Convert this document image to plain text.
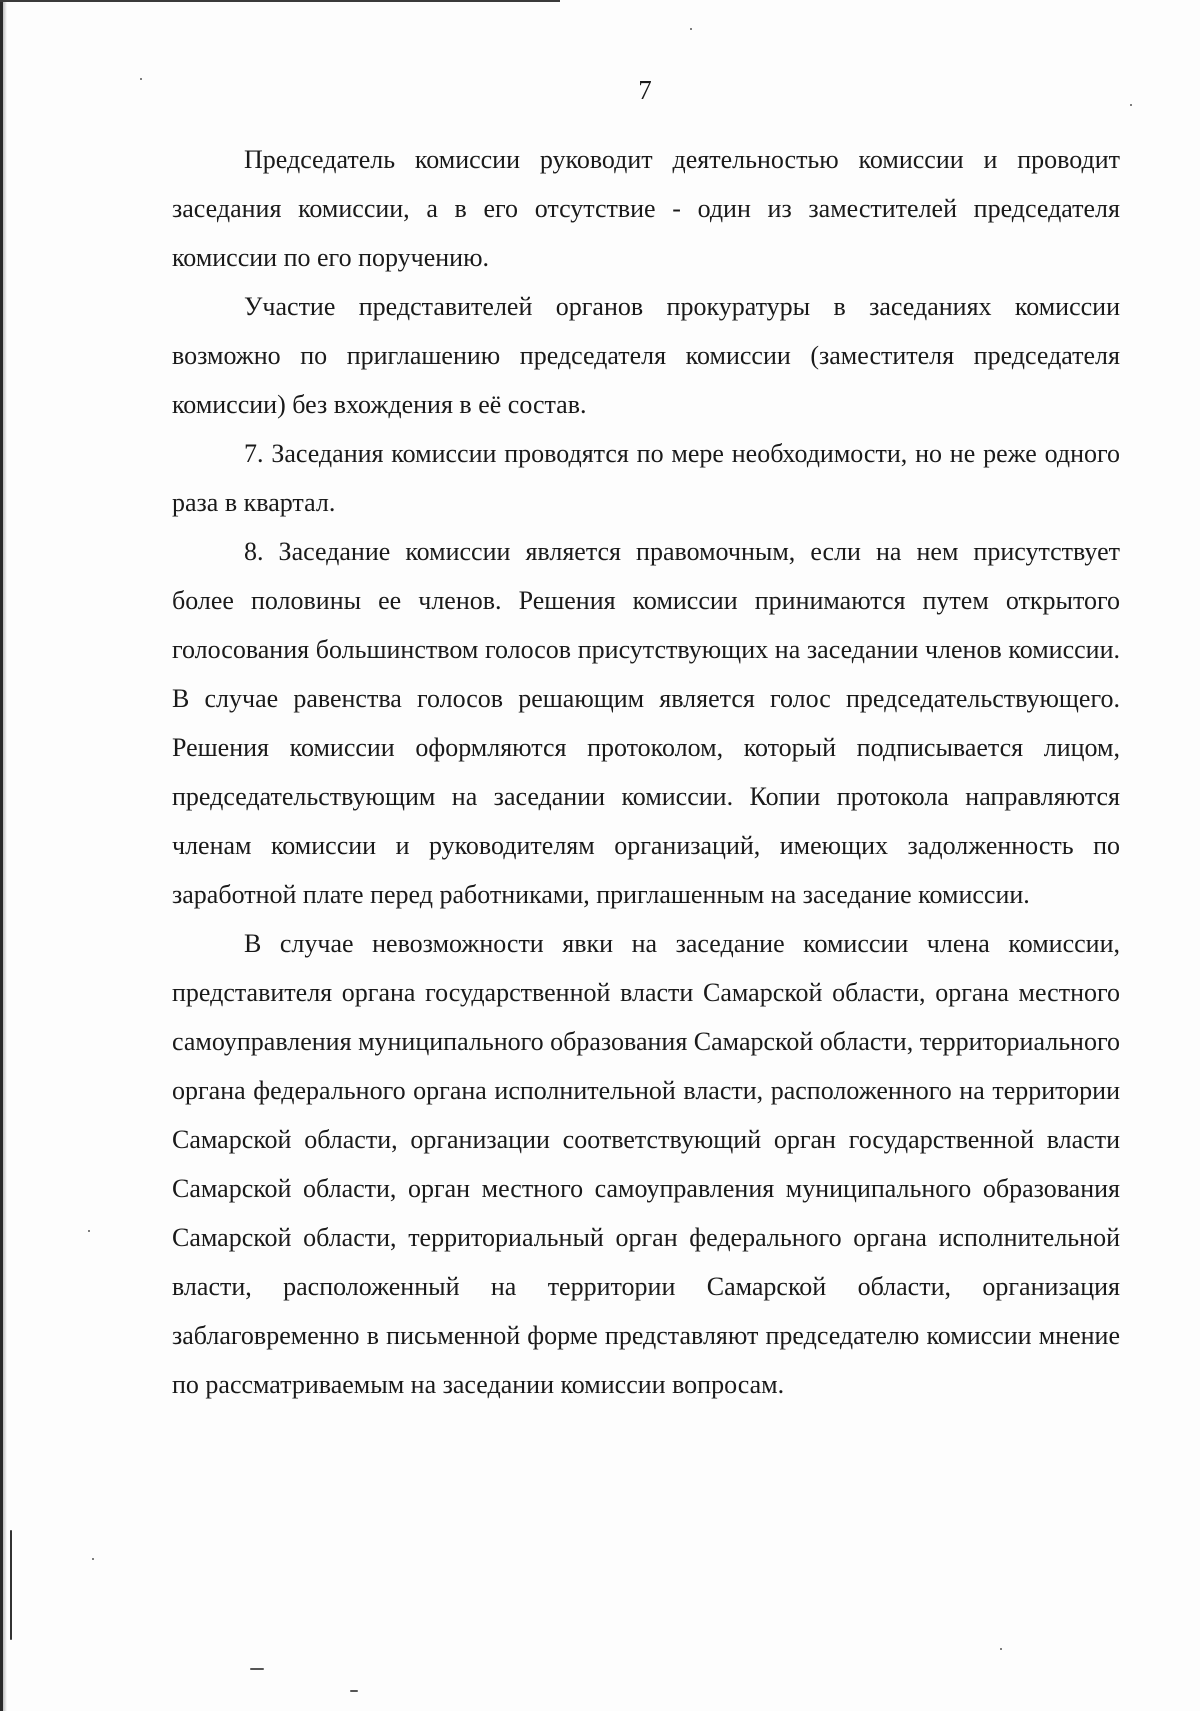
7

Председатель комиссии руководит деятельностью комиссии и проводит заседания комиссии, а в его отсутствие - один из заместителей председателя комиссии по его поручению.

Участие представителей органов прокуратуры в заседаниях комиссии возможно по приглашению председателя комиссии (заместителя председателя комиссии) без вхождения в её состав.

7. Заседания комиссии проводятся по мере необходимости, но не реже одного раза в квартал.

8. Заседание комиссии является правомочным, если на нем присутствует более половины ее членов. Решения комиссии принимаются путем открытого голосования большинством голосов присутствующих на заседании членов комиссии. В случае равенства голосов решающим является голос председательствующего. Решения комиссии оформляются протоколом, который подписывается лицом, председательствующим на заседании комиссии. Копии протокола направляются членам комиссии и руководителям организаций, имеющих задолженность по заработной плате перед работниками, приглашенным на заседание комиссии.

В случае невозможности явки на заседание комиссии члена комиссии, представителя органа государственной власти Самарской области, органа местного самоуправления муниципального образования Самарской области, территориального органа федерального органа исполнительной власти, расположенного на территории Самарской области, организации соответствующий орган государственной власти Самарской области, орган местного самоуправления муниципального образования Самарской области, территориальный орган федерального органа исполнительной власти, расположенный на территории Самарской области, организация заблаговременно в письменной форме представляют председателю комиссии мнение по рассматриваемым на заседании комиссии вопросам.
